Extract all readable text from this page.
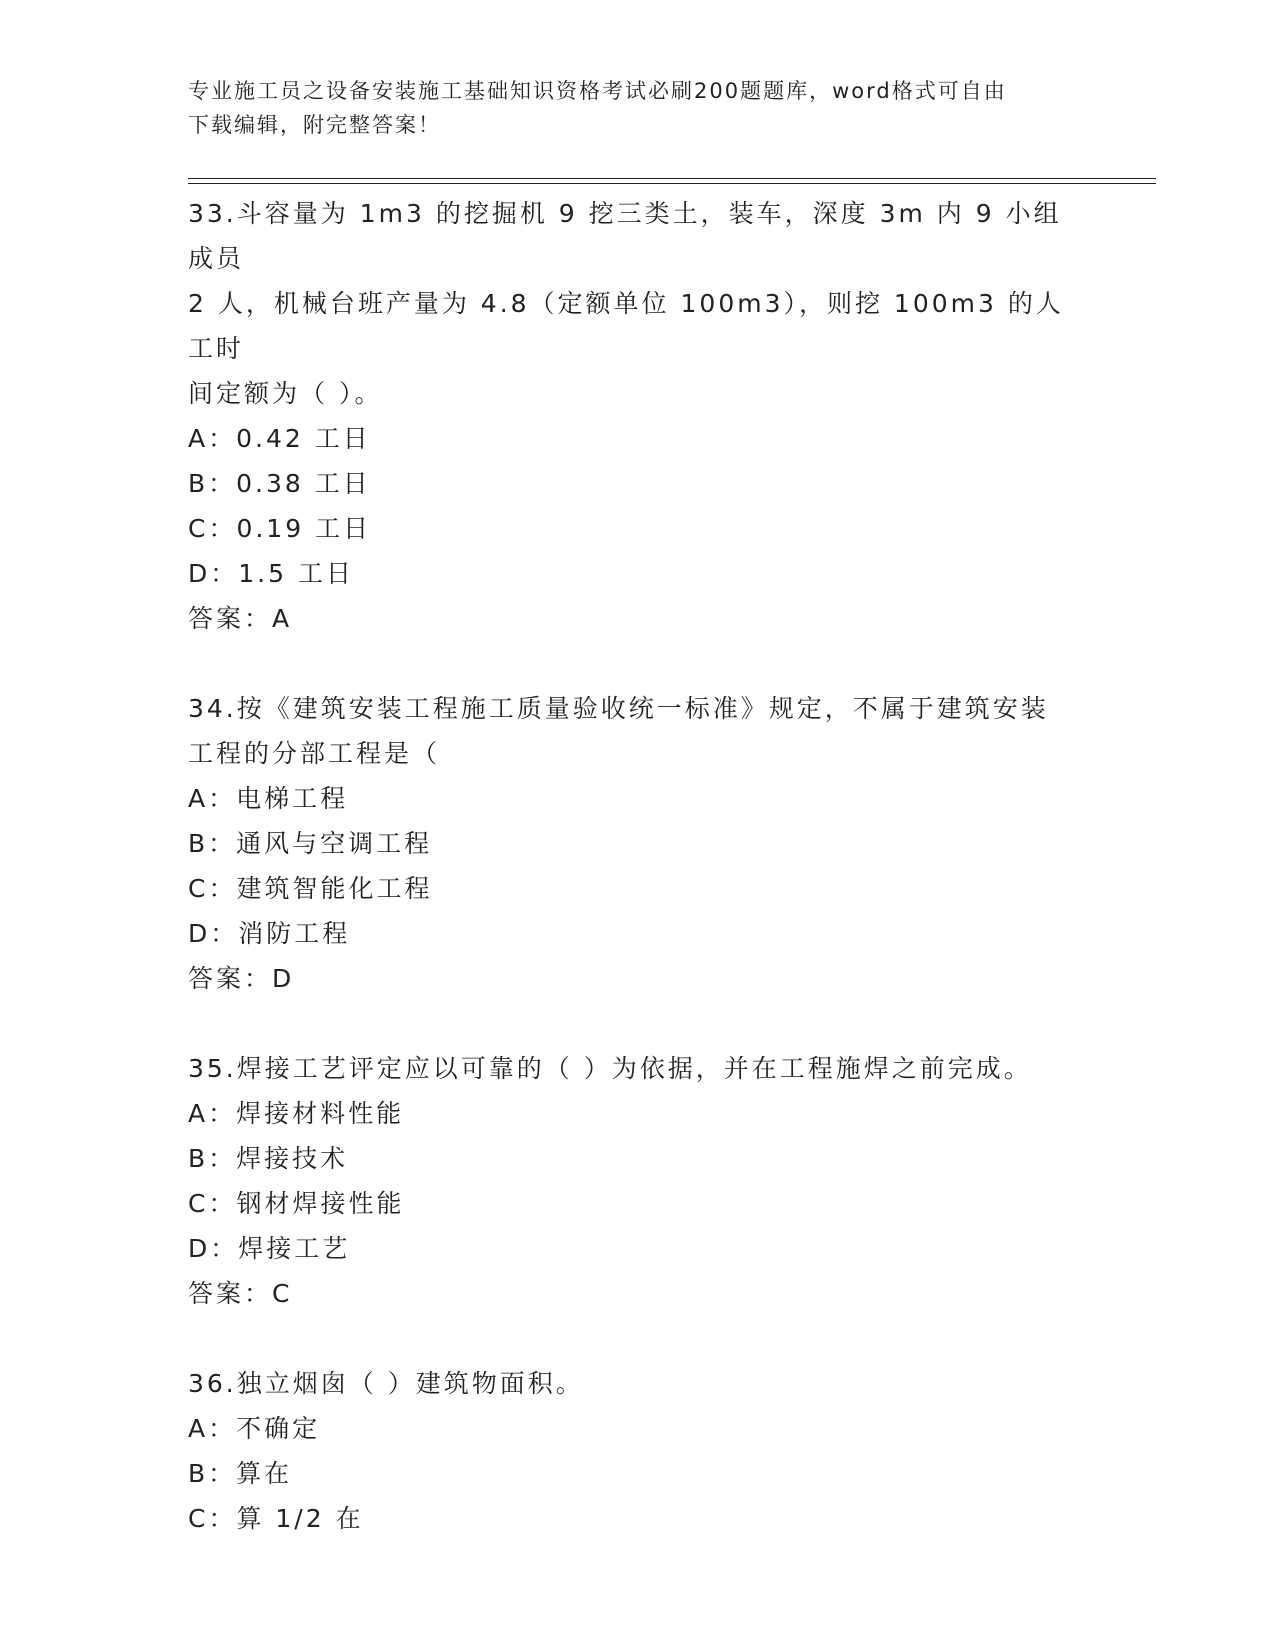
专业施工员之设备安装施工基础知识资格考试必刷200题题库，word格式可自由
下载编辑，附完整答案！
33.斗容量为 1m3 的挖掘机 9 挖三类土，装车，深度 3m 内 9 小组成员
2 人，机械台班产量为 4.8（定额单位 100m3），则挖 100m3 的人工时
间定额为（ ）。
A：0.42 工日
B：0.38 工日
C：0.19 工日
D：1.5 工日
答案：A
34.按《建筑安装工程施工质量验收统一标准》规定，不属于建筑安装
工程的分部工程是（
A：电梯工程
B：通风与空调工程
C：建筑智能化工程
D：消防工程
答案：D
35.焊接工艺评定应以可靠的（ ）为依据，并在工程施焊之前完成。
A：焊接材料性能
B：焊接技术
C：钢材焊接性能
D：焊接工艺
答案：C
36.独立烟囱（ ）建筑物面积。
A：不确定
B：算在
C：算 1/2 在
